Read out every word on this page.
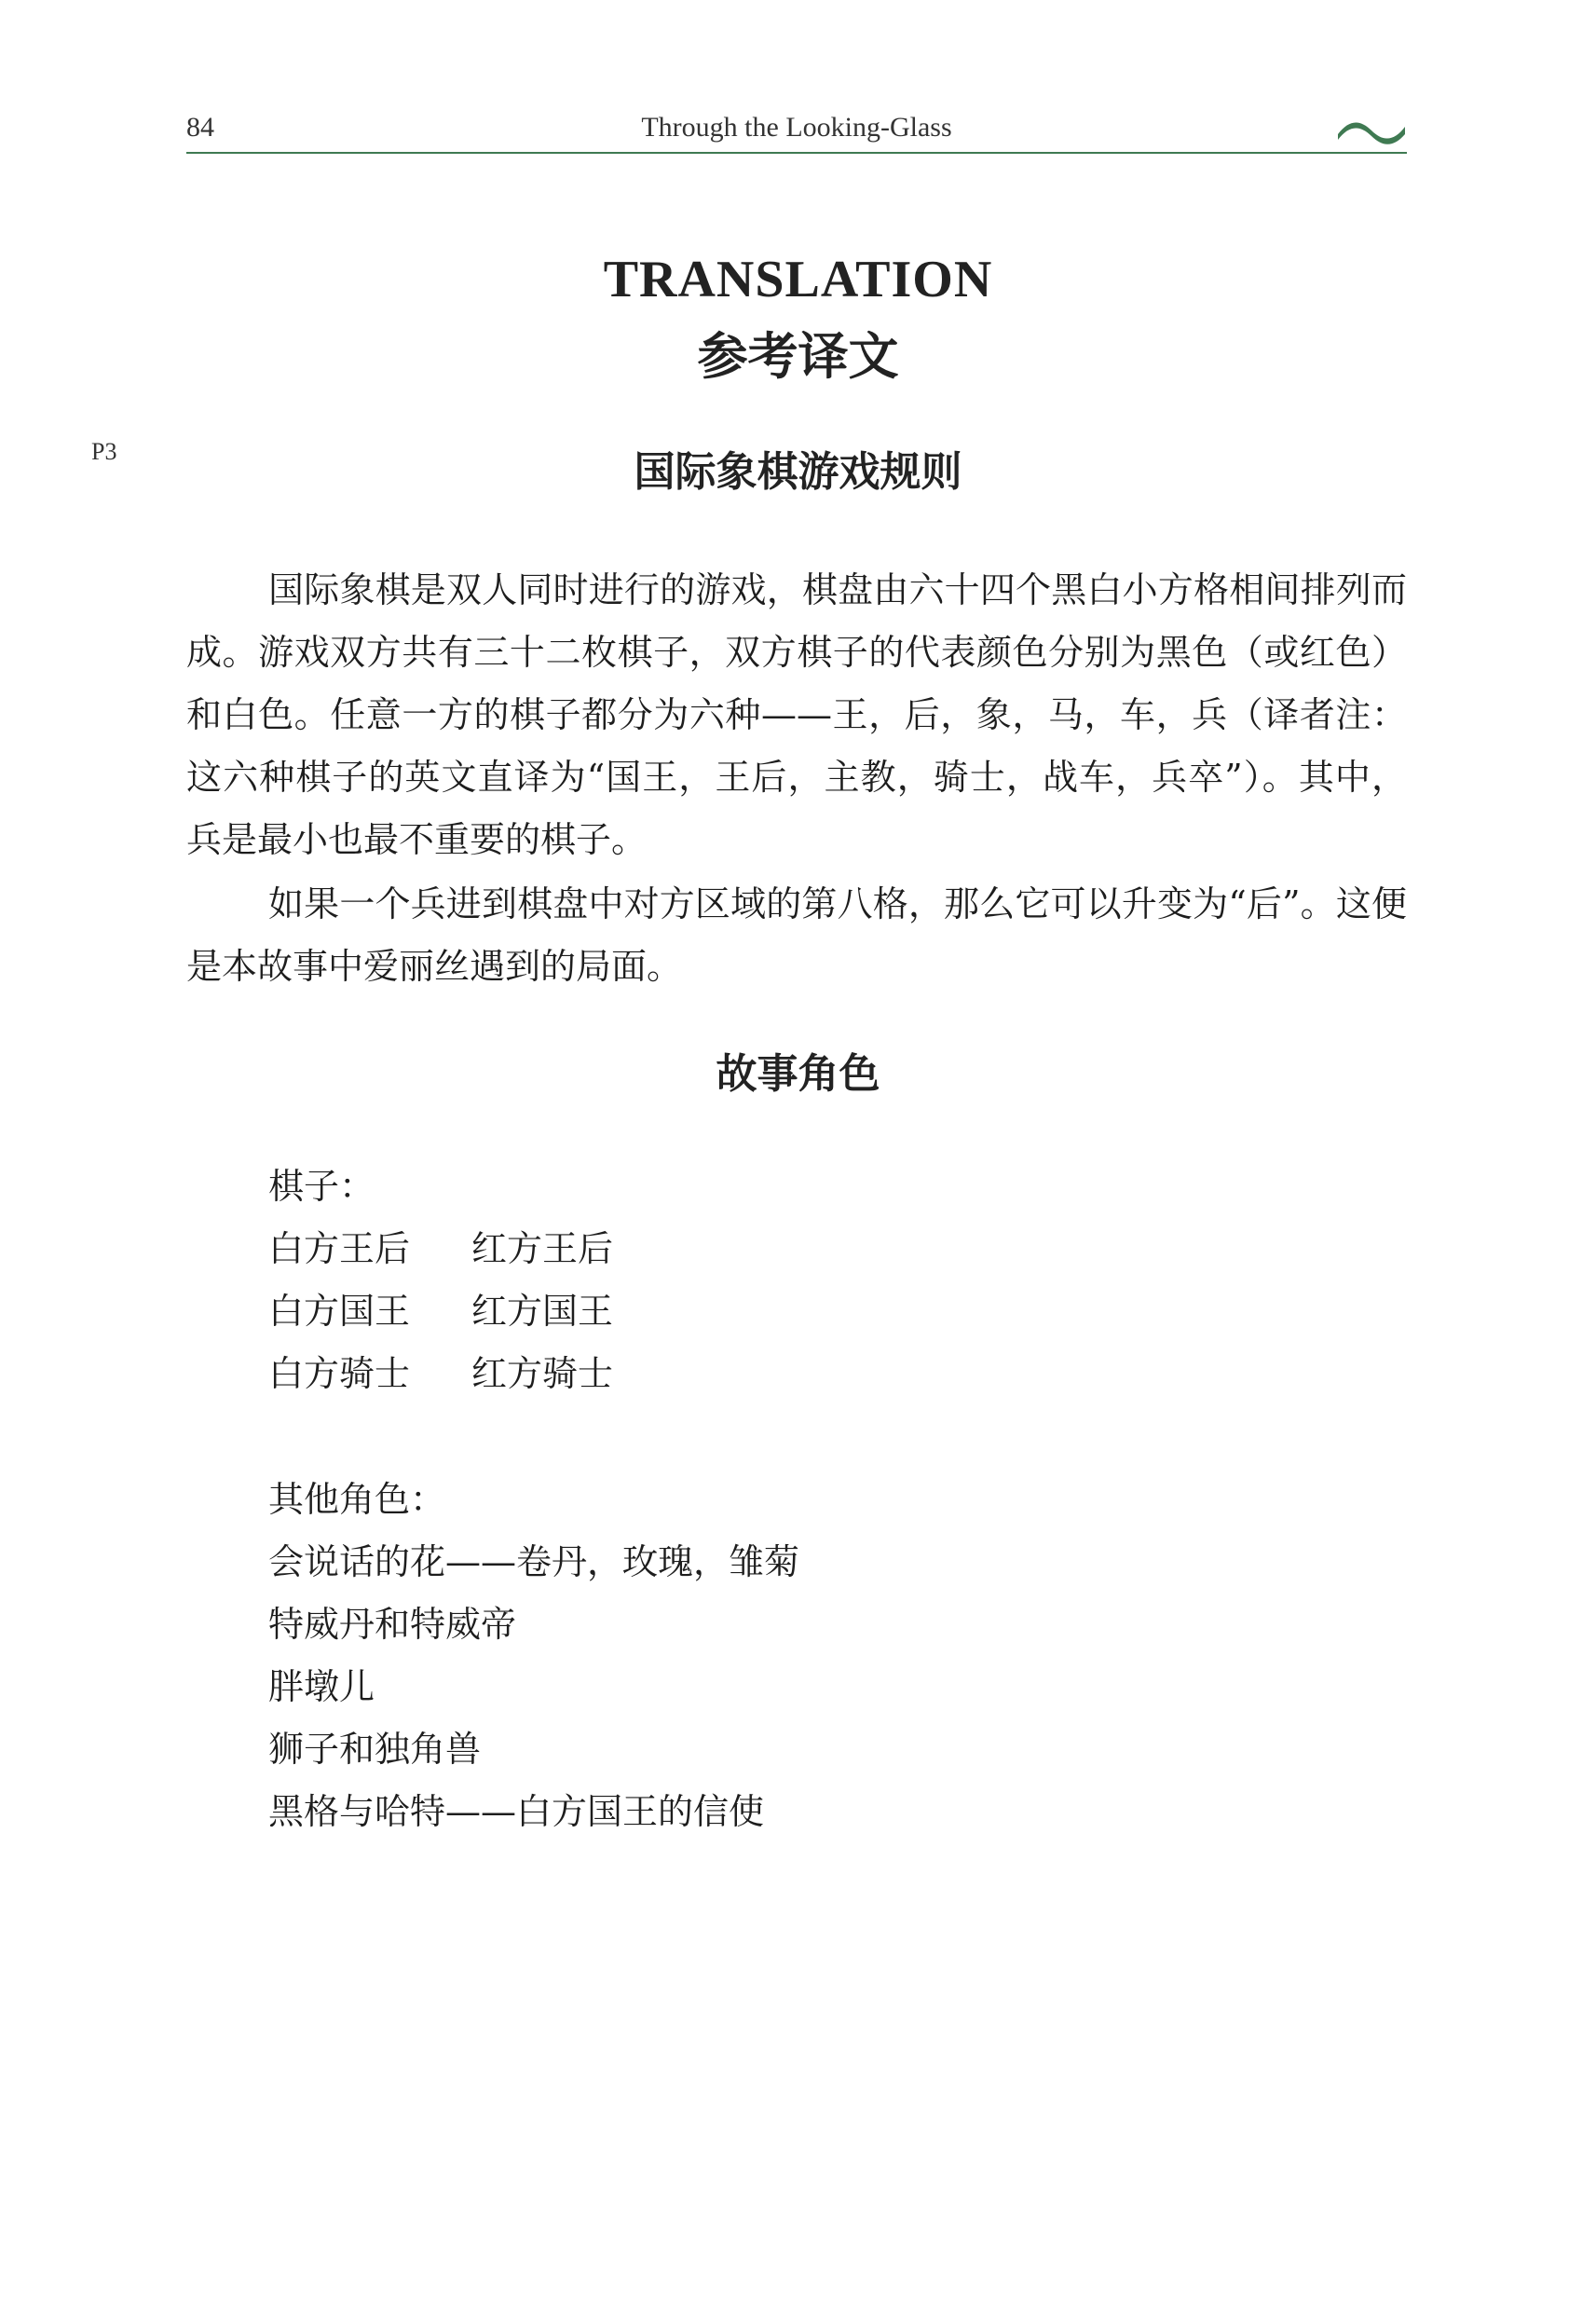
84	Through the Looking-Glass
TRANSLATION
参考译文
P3	国际象棋游戏规则

国际象棋是双人同时进行的游戏，棋盘由六十四个黑白小方格相间排列而成。游戏双方共有三十二枚棋子，双方棋子的代表颜色分别为黑色（或红色）和白色。任意一方的棋子都分为六种——王，后，象，马，车，兵（译者注：这六种棋子的英文直译为“国王，王后，主教，骑士，战车，兵卒”）。其中，兵是最小也最不重要的棋子。

如果一个兵进到棋盘中对方区域的第八格，那么它可以升变为“后”。这便是本故事中爱丽丝遇到的局面。

故事角色
棋子：
白方王后 红方王后
白方国王 红方国王
白方骑士 红方骑士
其他角色：
会说话的花——卷丹，玫瑰，雏菊
特威丹和特威帝
胖墩儿
狮子和独角兽
黑格与哈特——白方国王的信使
